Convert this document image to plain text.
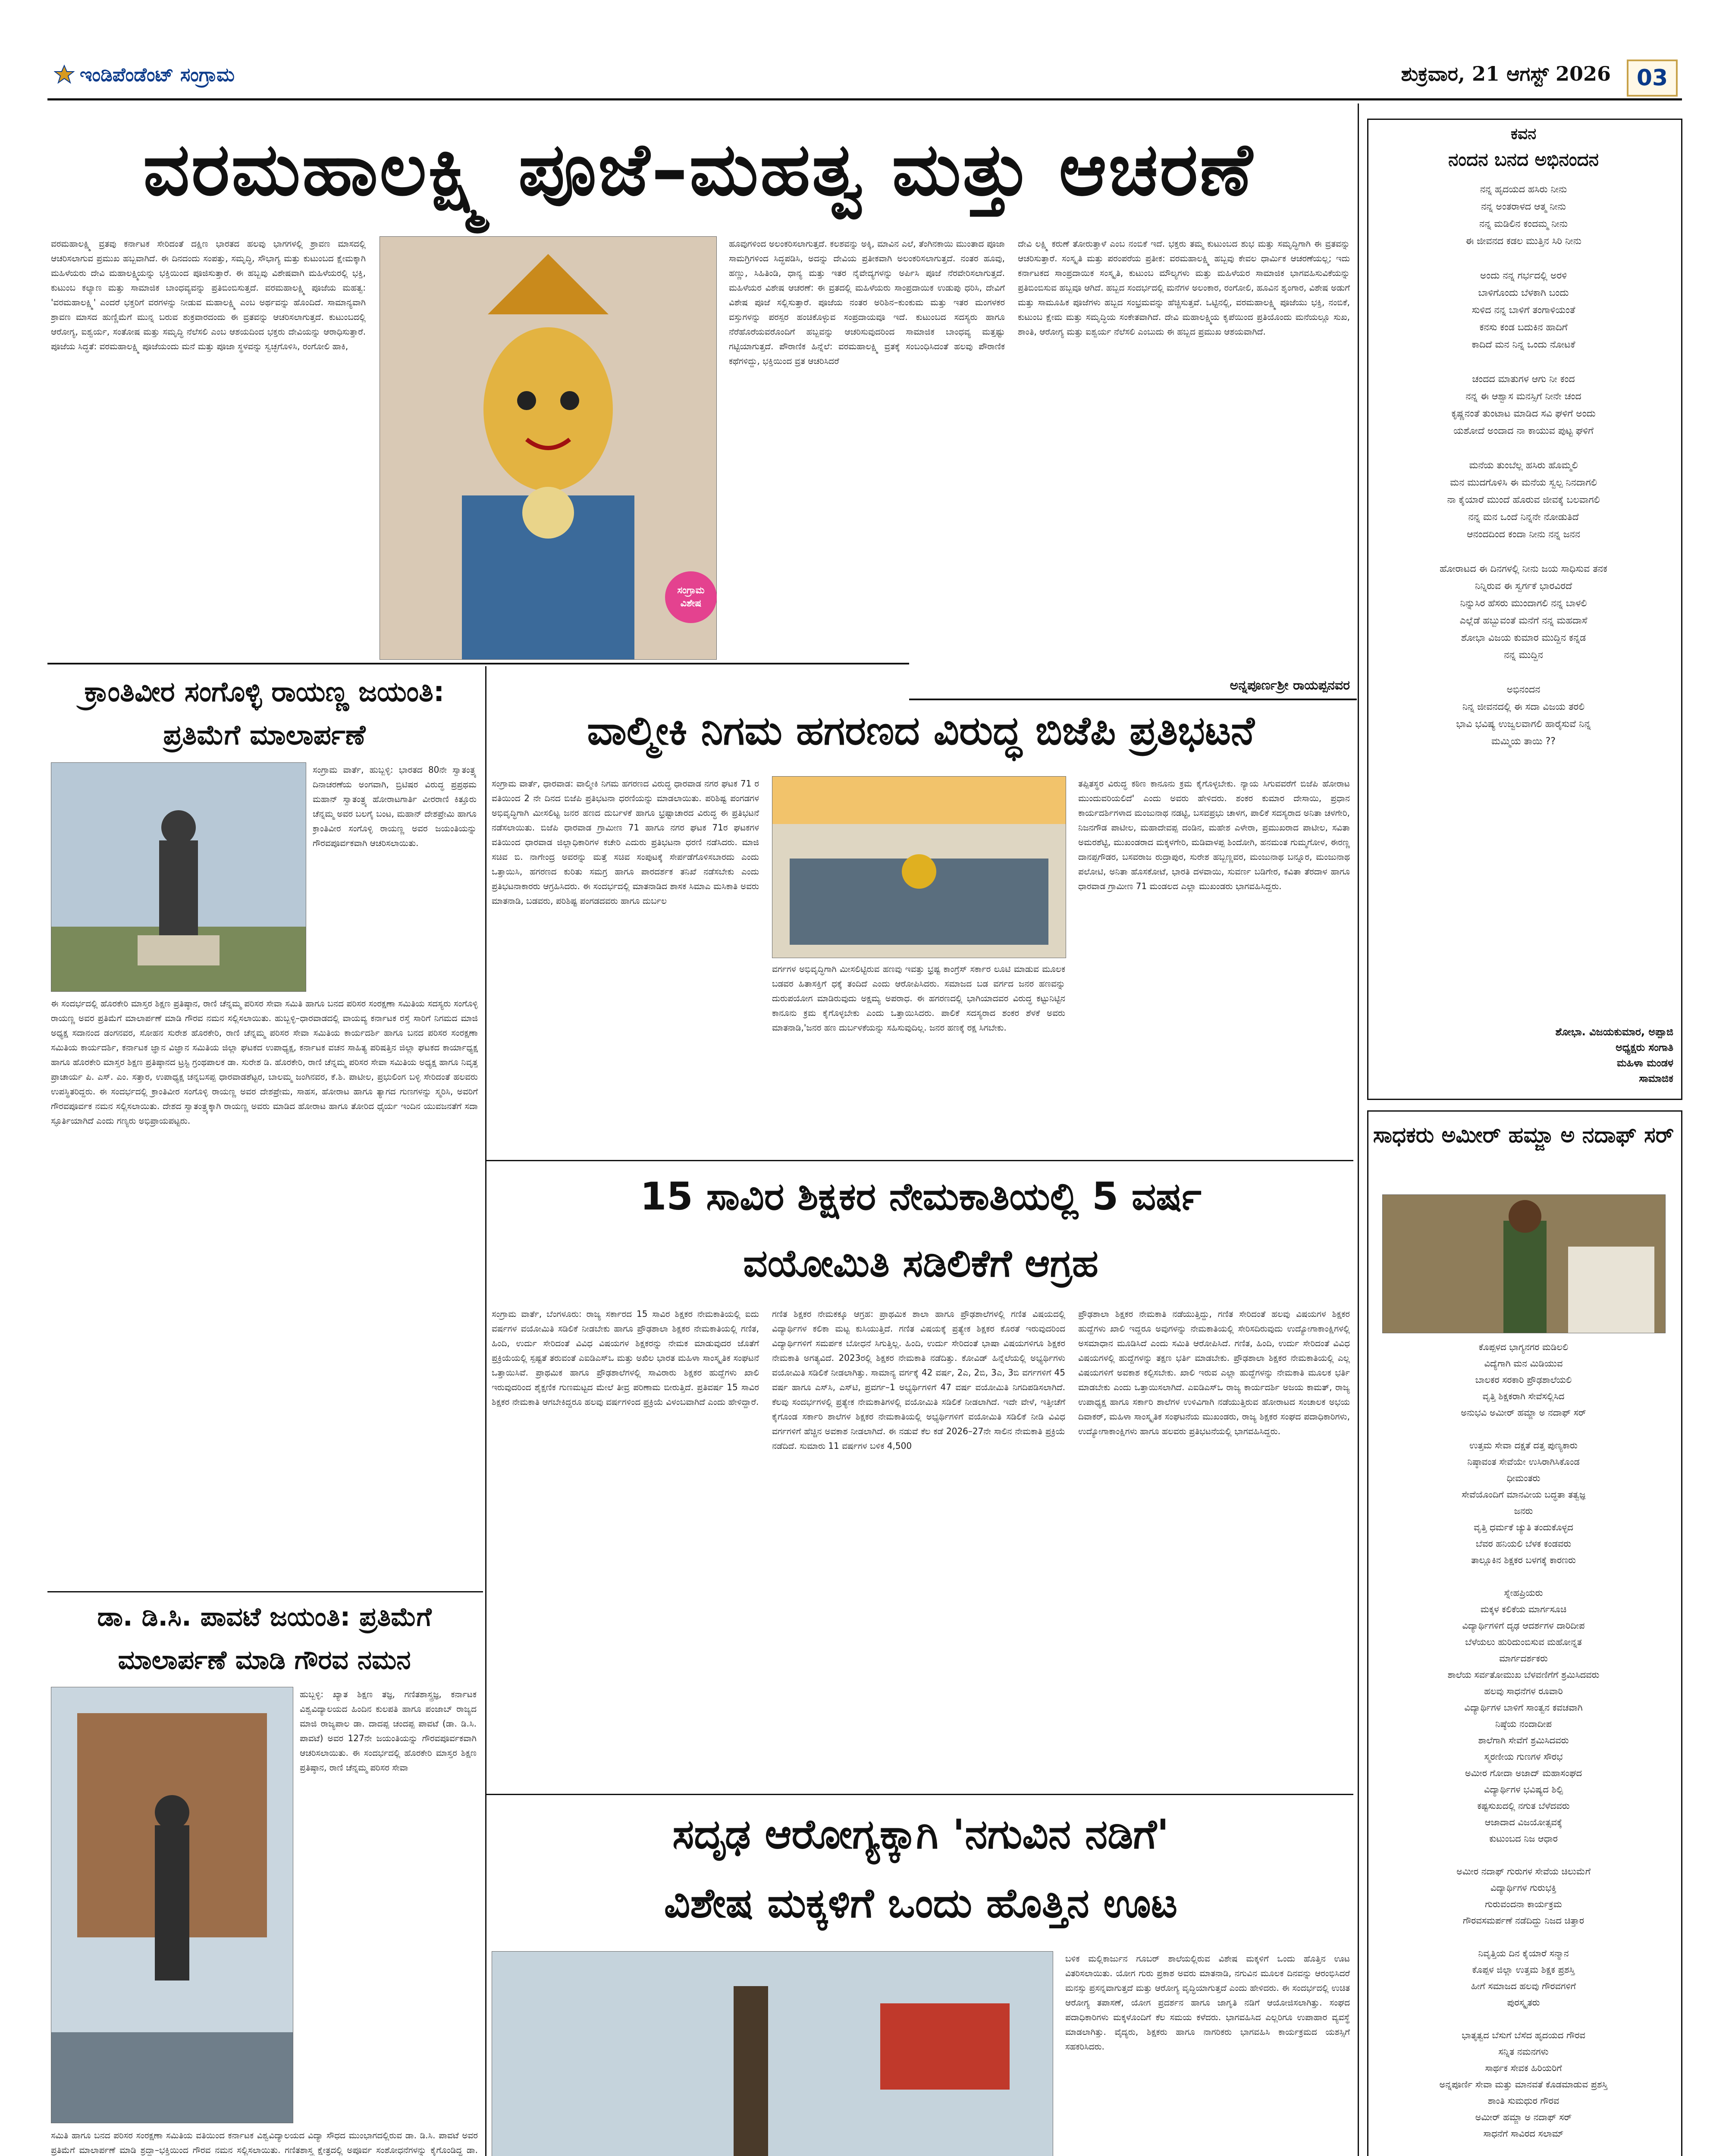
ಇಂಡಿಪೆಂಡೆಂಟ್ ಸಂಗ್ರಾಮ	ಶುಕ್ರವಾರ, 21 ಆಗಸ್ಟ್ 2026 03
ವರಮಹಾಲಕ್ಷ್ಮಿ ಪೂಜೆ–ಮಹತ್ವ ಮತ್ತು ಆಚರಣೆ
ವರಮಹಾಲಕ್ಷ್ಮಿ ವ್ರತವು ಕರ್ನಾಟಕ ಸೇರಿದಂತೆ ದಕ್ಷಿಣ ಭಾರತದ ಹಲವು ಭಾಗಗಳಲ್ಲಿ ಶ್ರಾವಣ ಮಾಸದಲ್ಲಿ ಆಚರಿಸಲಾಗುವ ಪ್ರಮುಖ ಹಬ್ಬವಾಗಿದೆ. ಈ ದಿನದಂದು ಸಂಪತ್ತು, ಸಮೃದ್ಧಿ, ಸೌಭಾಗ್ಯ ಮತ್ತು ಕುಟುಂಬದ ಕ್ಷೇಮಕ್ಕಾಗಿ ಮಹಿಳೆಯರು ದೇವಿ ಮಹಾಲಕ್ಷ್ಮಿಯನ್ನು ಭಕ್ತಿಯಿಂದ ಪೂಜಿಸುತ್ತಾರೆ. ಈ ಹಬ್ಬವು ವಿಶೇಷವಾಗಿ ಮಹಿಳೆಯರಲ್ಲಿ ಭಕ್ತಿ, ಕುಟುಂಬ ಕಲ್ಯಾಣ ಮತ್ತು ಸಾಮಾಜಿಕ ಬಾಂಧವ್ಯವನ್ನು ಪ್ರತಿಬಿಂಬಿಸುತ್ತದೆ. ವರಮಹಾಲಕ್ಷ್ಮಿ ಪೂಜೆಯ ಮಹತ್ವ: 'ವರಮಹಾಲಕ್ಷ್ಮಿ' ಎಂದರೆ ಭಕ್ತರಿಗೆ ವರಗಳನ್ನು ನೀಡುವ ಮಹಾಲಕ್ಷ್ಮಿ ಎಂಬ ಅರ್ಥವನ್ನು ಹೊಂದಿದೆ. ಸಾಮಾನ್ಯವಾಗಿ ಶ್ರಾವಣ ಮಾಸದ ಹುಣ್ಣಿಮೆಗೆ ಮುನ್ನ ಬರುವ ಶುಕ್ರವಾರದಂದು ಈ ವ್ರತವನ್ನು ಆಚರಿಸಲಾಗುತ್ತದೆ. ಕುಟುಂಬದಲ್ಲಿ ಆರೋಗ್ಯ, ಐಶ್ವರ್ಯ, ಸಂತೋಷ ಮತ್ತು ಸಮೃದ್ಧಿ ನೆಲೆಸಲಿ ಎಂಬ ಆಶಯದಿಂದ ಭಕ್ತರು ದೇವಿಯನ್ನು ಆರಾಧಿಸುತ್ತಾರೆ. ಪೂಜೆಯ ಸಿದ್ಧತೆ: ವರಮಹಾಲಕ್ಷ್ಮಿ ಪೂಜೆಯಂದು ಮನೆ ಮತ್ತು ಪೂಜಾ ಸ್ಥಳವನ್ನು ಸ್ವಚ್ಛಗೊಳಿಸಿ, ರಂಗೋಲಿ ಹಾಕಿ,
ಸಂಗ್ರಾಮ ವಿಶೇಷ
ಹೂವುಗಳಿಂದ ಅಲಂಕರಿಸಲಾಗುತ್ತದೆ. ಕಲಶವನ್ನು ಅಕ್ಕಿ, ಮಾವಿನ ಎಲೆ, ತೆಂಗಿನಕಾಯಿ ಮುಂತಾದ ಪೂಜಾ ಸಾಮಗ್ರಿಗಳಿಂದ ಸಿದ್ಧಪಡಿಸಿ, ಅದನ್ನು ದೇವಿಯ ಪ್ರತೀಕವಾಗಿ ಅಲಂಕರಿಸಲಾಗುತ್ತದೆ. ನಂತರ ಹೂವು, ಹಣ್ಣು, ಸಿಹಿತಿಂಡಿ, ಧಾನ್ಯ ಮತ್ತು ಇತರ ನೈವೇದ್ಯಗಳನ್ನು ಅರ್ಪಿಸಿ ಪೂಜೆ ನೆರವೇರಿಸಲಾಗುತ್ತದೆ. ಮಹಿಳೆಯರ ವಿಶೇಷ ಆಚರಣೆ: ಈ ವ್ರತದಲ್ಲಿ ಮಹಿಳೆಯರು ಸಾಂಪ್ರದಾಯಿಕ ಉಡುಪು ಧರಿಸಿ, ದೇವಿಗೆ ವಿಶೇಷ ಪೂಜೆ ಸಲ್ಲಿಸುತ್ತಾರೆ. ಪೂಜೆಯ ನಂತರ ಅರಿಶಿನ–ಕುಂಕುಮ ಮತ್ತು ಇತರ ಮಂಗಳಕರ ವಸ್ತುಗಳನ್ನು ಪರಸ್ಪರ ಹಂಚಿಕೊಳ್ಳುವ ಸಂಪ್ರದಾಯವೂ ಇದೆ. ಕುಟುಂಬದ ಸದಸ್ಯರು ಹಾಗೂ ನೆರೆಹೊರೆಯವರೊಂದಿಗೆ ಹಬ್ಬವನ್ನು ಆಚರಿಸುವುದರಿಂದ ಸಾಮಾಜಿಕ ಬಾಂಧವ್ಯ ಮತ್ತಷ್ಟು ಗಟ್ಟಿಯಾಗುತ್ತದೆ. ಪೌರಾಣಿಕ ಹಿನ್ನೆಲೆ: ವರಮಹಾಲಕ್ಷ್ಮಿ ವ್ರತಕ್ಕೆ ಸಂಬಂಧಿಸಿದಂತೆ ಹಲವು ಪೌರಾಣಿಕ ಕಥೆಗಳಿದ್ದು, ಭಕ್ತಿಯಿಂದ ವ್ರತ ಆಚರಿಸಿದರೆ
ದೇವಿ ಲಕ್ಷ್ಮಿ ಕರುಣೆ ತೋರುತ್ತಾಳೆ ಎಂಬ ನಂಬಿಕೆ ಇದೆ. ಭಕ್ತರು ತಮ್ಮ ಕುಟುಂಬದ ಶುಭ ಮತ್ತು ಸಮೃದ್ಧಿಗಾಗಿ ಈ ವ್ರತವನ್ನು ಆಚರಿಸುತ್ತಾರೆ. ಸಂಸ್ಕೃತಿ ಮತ್ತು ಪರಂಪರೆಯ ಪ್ರತೀಕ: ವರಮಹಾಲಕ್ಷ್ಮಿ ಹಬ್ಬವು ಕೇವಲ ಧಾರ್ಮಿಕ ಆಚರಣೆಯಲ್ಲ; ಇದು ಕರ್ನಾಟಕದ ಸಾಂಪ್ರದಾಯಿಕ ಸಂಸ್ಕೃತಿ, ಕುಟುಂಬ ಮೌಲ್ಯಗಳು ಮತ್ತು ಮಹಿಳೆಯರ ಸಾಮಾಜಿಕ ಭಾಗವಹಿಸುವಿಕೆಯನ್ನು ಪ್ರತಿಬಿಂಬಿಸುವ ಹಬ್ಬವೂ ಆಗಿದೆ. ಹಬ್ಬದ ಸಂದರ್ಭದಲ್ಲಿ ಮನೆಗಳ ಅಲಂಕಾರ, ರಂಗೋಲಿ, ಹೂವಿನ ಶೃಂಗಾರ, ವಿಶೇಷ ಅಡುಗೆ ಮತ್ತು ಸಾಮೂಹಿಕ ಪೂಜೆಗಳು ಹಬ್ಬದ ಸಂಭ್ರಮವನ್ನು ಹೆಚ್ಚಿಸುತ್ತವೆ. ಒಟ್ಟಿನಲ್ಲಿ, ವರಮಹಾಲಕ್ಷ್ಮಿ ಪೂಜೆಯು ಭಕ್ತಿ, ನಂಬಿಕೆ, ಕುಟುಂಬ ಕ್ಷೇಮ ಮತ್ತು ಸಮೃದ್ಧಿಯ ಸಂಕೇತವಾಗಿದೆ. ದೇವಿ ಮಹಾಲಕ್ಷ್ಮಿಯ ಕೃಪೆಯಿಂದ ಪ್ರತಿಯೊಂದು ಮನೆಯಲ್ಲೂ ಸುಖ, ಶಾಂತಿ, ಆರೋಗ್ಯ ಮತ್ತು ಐಶ್ವರ್ಯ ನೆಲೆಸಲಿ ಎಂಬುದು ಈ ಹಬ್ಬದ ಪ್ರಮುಖ ಆಶಯವಾಗಿದೆ.
ಅನ್ನಪೂರ್ಣಶ್ರೀ ರಾಯಪ್ಪನವರ
ಕ್ರಾಂತಿವೀರ ಸಂಗೊಳ್ಳಿ ರಾಯಣ್ಣ ಜಯಂತಿ: ಪ್ರತಿಮೆಗೆ ಮಾಲಾರ್ಪಣೆ
ಸಂಗ್ರಾಮ ವಾರ್ತೆ, ಹುಬ್ಬಳ್ಳಿ: ಭಾರತದ 80ನೇ ಸ್ವಾತಂತ್ರ್ಯ ದಿನಾಚರಣೆಯ ಅಂಗವಾಗಿ, ಬ್ರಿಟಿಷರ ವಿರುದ್ಧ ಪ್ರಪ್ರಥಮ ಮಹಾನ್ ಸ್ವಾತಂತ್ರ್ಯ ಹೋರಾಟಗಾರ್ತಿ ವೀರರಾಣಿ ಕಿತ್ತೂರು ಚೆನ್ನಮ್ಮ ಅವರ ಬಲಗೈ ಬಂಟ, ಮಹಾನ್ ದೇಶಪ್ರೇಮಿ ಹಾಗೂ ಕ್ರಾಂತಿವೀರ ಸಂಗೊಳ್ಳಿ ರಾಯಣ್ಣ ಅವರ ಜಯಂತಿಯನ್ನು ಗೌರವಪೂರ್ವಕವಾಗಿ ಆಚರಿಸಲಾಯಿತು.
ಈ ಸಂದರ್ಭದಲ್ಲಿ ಹೊರಕೇರಿ ಮಾಸ್ತರ ಶಿಕ್ಷಣ ಪ್ರತಿಷ್ಠಾನ, ರಾಣಿ ಚೆನ್ನಮ್ಮ ಪರಿಸರ ಸೇವಾ ಸಮಿತಿ ಹಾಗೂ ಬನದ ಪರಿಸರ ಸಂರಕ್ಷಣಾ ಸಮಿತಿಯ ಸದಸ್ಯರು ಸಂಗೊಳ್ಳಿ ರಾಯಣ್ಣ ಅವರ ಪ್ರತಿಮೆಗೆ ಮಾಲಾರ್ಪಣೆ ಮಾಡಿ ಗೌರವ ನಮನ ಸಲ್ಲಿಸಲಾಯಿತು. ಹುಬ್ಬಳ್ಳಿ–ಧಾರವಾಡದಲ್ಲಿ ವಾಯವ್ಯ ಕರ್ನಾಟಕ ರಸ್ತೆ ಸಾರಿಗೆ ನಿಗಮದ ಮಾಜಿ ಅಧ್ಯಕ್ಷ ಸದಾನಂದ ಡಂಗನವರ, ಸೋಹನ ಸುರೇಶ ಹೊರಕೇರಿ, ರಾಣಿ ಚೆನ್ನಮ್ಮ ಪರಿಸರ ಸೇವಾ ಸಮಿತಿಯ ಕಾರ್ಯದರ್ಶಿ ಹಾಗೂ ಬನದ ಪರಿಸರ ಸಂರಕ್ಷಣಾ ಸಮಿತಿಯ ಕಾರ್ಯದರ್ಶಿ, ಕರ್ನಾಟಕ ಜ್ಞಾನ ವಿಜ್ಞಾನ ಸಮಿತಿಯ ಜಿಲ್ಲಾ ಘಟಕದ ಉಪಾಧ್ಯಕ್ಷ, ಕರ್ನಾಟಕ ವಚನ ಸಾಹಿತ್ಯ ಪರಿಷತ್ತಿನ ಜಿಲ್ಲಾ ಘಟಕದ ಕಾರ್ಯಾಧ್ಯಕ್ಷ ಹಾಗೂ ಹೊರಕೇರಿ ಮಾಸ್ತರ ಶಿಕ್ಷಣ ಪ್ರತಿಷ್ಠಾನದ ಟ್ರಸ್ಟಿ ಗ್ರಂಥಪಾಲಕ ಡಾ. ಸುರೇಶ ಡಿ. ಹೊರಕೇರಿ, ರಾಣಿ ಚೆನ್ನಮ್ಮ ಪರಿಸರ ಸೇವಾ ಸಮಿತಿಯ ಅಧ್ಯಕ್ಷ ಹಾಗೂ ನಿವೃತ್ತ ಪ್ರಾಚಾರ್ಯ ಪಿ. ಎಸ್. ಎಂ. ಸತ್ತಾರ, ಉಪಾಧ್ಯಕ್ಷ ಚನ್ನಬಸಪ್ಪ ಧಾರವಾಡಶೆಟ್ಟರ, ಬಾಲಮ್ಮ ಜಂಗಿನವರ, ಕೆ.ಶಿ. ಪಾಟೀಲ, ಪ್ರಭುಲಿಂಗ ಬಳ್ಳಿ ಸೇರಿದಂತೆ ಹಲವರು ಉಪಸ್ಥಿತರಿದ್ದರು. ಈ ಸಂದರ್ಭದಲ್ಲಿ ಕ್ರಾಂತಿವೀರ ಸಂಗೊಳ್ಳಿ ರಾಯಣ್ಣ ಅವರ ದೇಶಪ್ರೇಮ, ಸಾಹಸ, ಹೋರಾಟ ಹಾಗೂ ತ್ಯಾಗದ ಗುಣಗಳನ್ನು ಸ್ಮರಿಸಿ, ಅವರಿಗೆ ಗೌರವಪೂರ್ವಕ ನಮನ ಸಲ್ಲಿಸಲಾಯಿತು. ದೇಶದ ಸ್ವಾತಂತ್ರ್ಯಕ್ಕಾಗಿ ರಾಯಣ್ಣ ಅವರು ಮಾಡಿದ ಹೋರಾಟ ಹಾಗೂ ತೋರಿದ ಧೈರ್ಯ ಇಂದಿನ ಯುವಜನತೆಗೆ ಸದಾ ಸ್ಫೂರ್ತಿಯಾಗಿದೆ ಎಂದು ಗಣ್ಯರು ಅಭಿಪ್ರಾಯಪಟ್ಟರು.
ಡಾ. ಡಿ.ಸಿ. ಪಾವಟೆ ಜಯಂತಿ: ಪ್ರತಿಮೆಗೆ ಮಾಲಾರ್ಪಣೆ ಮಾಡಿ ಗೌರವ ನಮನ
ಹುಬ್ಬಳ್ಳಿ: ಖ್ಯಾತ ಶಿಕ್ಷಣ ತಜ್ಞ, ಗಣಿತಶಾಸ್ತ್ರಜ್ಞ, ಕರ್ನಾಟಕ ವಿಶ್ವವಿದ್ಯಾಲಯದ ಹಿಂದಿನ ಕುಲಪತಿ ಹಾಗೂ ಪಂಜಾಬ್ ರಾಜ್ಯದ ಮಾಜಿ ರಾಜ್ಯಪಾಲ ಡಾ. ದಾದಪ್ಪ ಚಂದಪ್ಪ ಪಾವಟೆ (ಡಾ. ಡಿ.ಸಿ. ಪಾವಟೆ) ಅವರ 127ನೇ ಜಯಂತಿಯನ್ನು ಗೌರವಪೂರ್ವಕವಾಗಿ ಆಚರಿಸಲಾಯಿತು. ಈ ಸಂದರ್ಭದಲ್ಲಿ ಹೊರಕೇರಿ ಮಾಸ್ತರ ಶಿಕ್ಷಣ ಪ್ರತಿಷ್ಠಾನ, ರಾಣಿ ಚೆನ್ನಮ್ಮ ಪರಿಸರ ಸೇವಾ
ಸಮಿತಿ ಹಾಗೂ ಬನದ ಪರಿಸರ ಸಂರಕ್ಷಣಾ ಸಮಿತಿಯ ವತಿಯಿಂದ ಕರ್ನಾಟಕ ವಿಶ್ವವಿದ್ಯಾಲಯದ ವಿದ್ಯಾ ಸೌಧದ ಮುಂಭಾಗದಲ್ಲಿರುವ ಡಾ. ಡಿ.ಸಿ. ಪಾವಟೆ ಅವರ ಪ್ರತಿಮೆಗೆ ಮಾಲಾರ್ಪಣೆ ಮಾಡಿ ಶ್ರದ್ಧಾ–ಭಕ್ತಿಯಿಂದ ಗೌರವ ನಮನ ಸಲ್ಲಿಸಲಾಯಿತು. ಗಣಿತಶಾಸ್ತ್ರ ಕ್ಷೇತ್ರದಲ್ಲಿ ಅಪೂರ್ವ ಸಂಶೋಧನೆಗಳನ್ನು ಕೈಗೊಂಡಿದ್ದ ಡಾ.
ವಾಲ್ಮೀಕಿ ನಿಗಮ ಹಗರಣದ ವಿರುದ್ಧ ಬಿಜೆಪಿ ಪ್ರತಿಭಟನೆ
ಸಂಗ್ರಾಮ ವಾರ್ತೆ, ಧಾರವಾಡ: ವಾಲ್ಮೀಕಿ ನಿಗಮ ಹಗರಣದ ವಿರುದ್ಧ ಧಾರವಾಡ ನಗರ ಘಟಕ 71 ರ ವತಿಯಿಂದ 2 ನೇ ದಿನದ ಬಿಜೆಪಿ ಪ್ರತಿಭಟನಾ ಧರಣಿಯನ್ನು ಮಾಡಲಾಯಿತು. ಪರಿಶಿಷ್ಟ ಪಂಗಡಗಳ ಅಭಿವೃದ್ಧಿಗಾಗಿ ಮೀಸಲಿಟ್ಟ ಜನರ ಹಣದ ದುರ್ಬಳಕೆ ಹಾಗೂ ಭ್ರಷ್ಟಾಚಾರದ ವಿರುದ್ಧ ಈ ಪ್ರತಿಭಟನೆ ನಡೆಸಲಾಯಿತು. ಬಿಜೆಪಿ ಧಾರವಾಡ ಗ್ರಾಮೀಣ 71 ಹಾಗೂ ನಗರ ಘಟಕ 71ರ ಘಟಕಗಳ ವತಿಯಿಂದ ಧಾರವಾಡ ಜಿಲ್ಲಾಧಿಕಾರಿಗಳ ಕಚೇರಿ ಎದುರು ಪ್ರತಿಭಟನಾ ಧರಣಿ ನಡೆಸಿದರು. ಮಾಜಿ ಸಚಿವ ಬಿ. ನಾಗೇಂದ್ರ ಅವರನ್ನು ಮತ್ತೆ ಸಚಿವ ಸಂಪುಟಕ್ಕೆ ಸೇರ್ಪಡೆಗೊಳಿಸಬಾರದು ಎಂದು ಒತ್ತಾಯಿಸಿ, ಹಗರಣದ ಕುರಿತು ಸಮಗ್ರ ಹಾಗೂ ಪಾರದರ್ಶಕ ತನಿಖೆ ನಡೆಸಬೇಕು ಎಂದು ಪ್ರತಿಭಟನಾಕಾರರು ಆಗ್ರಹಿಸಿದರು. ಈ ಸಂದರ್ಭದಲ್ಲಿ ಮಾತನಾಡಿದ ಶಾಸಕ ಸಿಮಾಎ ಮಸಿಕಾತಿ ಅವರು ಮಾತನಾಡಿ, ಬಡವರು, ಪರಿಶಿಷ್ಟ ಪಂಗಡದವರು ಹಾಗೂ ದುರ್ಬಲ
ವರ್ಗಗಳ ಅಭಿವೃದ್ಧಿಗಾಗಿ ಮೀಸಲಿಟ್ಟಿರುವ ಹಣವು ಇವತ್ತು ಭ್ರಷ್ಟ ಕಾಂಗ್ರೆಸ್ ಸರ್ಕಾರ ಲೂಟಿ ಮಾಡುವ ಮೂಲಕ ಬಡವರ ಹಿತಾಸಕ್ತಿಗೆ ಧಕ್ಕೆ ತಂದಿದೆ ಎಂದು ಆರೋಪಿಸಿದರು. ಸಮಾಜದ ಬಡ ವರ್ಗದ ಜನರ ಹಣವನ್ನು ದುರುಪಯೋಗ ಮಾಡಿರುವುದು ಅಕ್ಷಮ್ಯ ಅಪರಾಧ. ಈ ಹಗರಣದಲ್ಲಿ ಭಾಗಿಯಾದವರ ವಿರುದ್ಧ ಕಟ್ಟುನಿಟ್ಟಿನ ಕಾನೂನು ಕ್ರಮ ಕೈಗೊಳ್ಳಬೇಕು ಎಂದು ಒತ್ತಾಯಿಸಿದರು. ಪಾಲಿಕೆ ಸದಸ್ಯರಾದ ಶಂಕರ ಶೆಳಕೆ ಅವರು ಮಾತನಾಡಿ,'ಜನರ ಹಣ ದುರ್ಬಳಕೆಯನ್ನು ಸಹಿಸುವುದಿಲ್ಲ. ಜನರ ಹಣಕ್ಕೆ ರಕ್ಷ ಸಿಗಬೇಕು.
ತಪ್ಪಿತಸ್ಥರ ವಿರುದ್ಧ ಕಠಿಣ ಕಾನೂನು ಕ್ರಮ ಕೈಗೊಳ್ಳಬೇಕು. ನ್ಯಾಯ ಸಿಗುವವರೆಗೆ ಬಿಜೆಪಿ ಹೋರಾಟ ಮುಂದುವರಿಯಲಿದೆ' ಎಂದು ಅವರು ಹೇಳಿದರು. ಶಂಕರ ಕುಮಾರ ದೇಸಾಯಿ, ಪ್ರಧಾನ ಕಾರ್ಯದರ್ಶಿಗಳಾದ ಮಂಜುನಾಥ ನಡಟ್ಟಿ, ಬಸವಪ್ರಭು ಚಾಳಗ, ಪಾಲಿಕೆ ಸದಸ್ಯರಾದ ಅನಿತಾ ಚಳಗೇರಿ, ನಿಜನಗೌಡ ಪಾಟೀಲ, ಮಹಾದೇವಪ್ಪ ದಂಡಿನ, ಮಹೇಶ ಎಳೇರಾ, ಪ್ರಮುಖರಾದ ಪಾಟೀಲ, ಸವಿತಾ ಅಮರಶೆಟ್ಟಿ, ಮುಖಂಡರಾದ ಮಕ್ಕಳಗೇರಿ, ಮಡಿವಾಳಪ್ಪ ಶಿಂದೋಗಿ, ಹನಮಂತ ಗುಮ್ಮಗೋಳ, ಈರಣ್ಣ ದಾನಪ್ಪಗೌಡರ, ಬಸವರಾಜ ರುದ್ರಾಪುರ, ಸುರೇಶ ಹಬ್ಬಣ್ಣವರ, ಮಂಜುನಾಥ ಬನ್ನೂರ, ಮಂಜುನಾಥ ಪಲೋಟಿ, ಅನಿತಾ ಹೊಸಕೋಟೆ, ಭಾರತಿ ದಳವಾಯಿ, ಸುವರ್ಣ ಬಡಿಗೇರ, ಕವಿತಾ ತೆರದಾಳ ಹಾಗೂ ಧಾರವಾಡ ಗ್ರಾಮೀಣ 71 ಮಂಡಲದ ಎಲ್ಲಾ ಮುಖಂಡರು ಭಾಗವಹಿಸಿದ್ದರು.
15 ಸಾವಿರ ಶಿಕ್ಷಕರ ನೇಮಕಾತಿಯಲ್ಲಿ 5 ವರ್ಷ
ವಯೋಮಿತಿ ಸಡಿಲಿಕೆಗೆ ಆಗ್ರಹ
ಸಂಗ್ರಾಮ ವಾರ್ತೆ, ಬೆಂಗಳೂರು: ರಾಜ್ಯ ಸರ್ಕಾರದ 15 ಸಾವಿರ ಶಿಕ್ಷಕರ ನೇಮಕಾತಿಯಲ್ಲಿ ಐದು ವರ್ಷಗಳ ವಯೋಮಿತಿ ಸಡಿಲಿಕೆ ನೀಡಬೇಕು ಹಾಗೂ ಪ್ರೌಢಶಾಲಾ ಶಿಕ್ಷಕರ ನೇಮಕಾತಿಯಲ್ಲಿ ಗಣಿತ, ಹಿಂದಿ, ಉರ್ದು ಸೇರಿದಂತೆ ವಿವಿಧ ವಿಷಯಗಳ ಶಿಕ್ಷಕರನ್ನು ನೇಮಕ ಮಾಡುವುದರ ಜೊತೆಗೆ ಪ್ರಕ್ರಿಯೆಯಲ್ಲಿ ಸ್ಪಷ್ಟತೆ ತರುವಂತೆ ಎಐಡಿಎಸ್‌ಒ ಮತ್ತು ಅಖಿಲ ಭಾರತ ಮಹಿಳಾ ಸಾಂಸ್ಕೃತಿಕ ಸಂಘಟನೆ ಒತ್ತಾಯಿಸಿವೆ. ಪ್ರಾಥಮಿಕ ಹಾಗೂ ಪ್ರೌಢಶಾಲೆಗಳಲ್ಲಿ ಸಾವಿರಾರು ಶಿಕ್ಷಕರ ಹುದ್ದೆಗಳು ಖಾಲಿ ಇರುವುದರಿಂದ ಶೈಕ್ಷಣಿಕ ಗುಣಮಟ್ಟದ ಮೇಲೆ ತೀವ್ರ ಪರಿಣಾಮ ಬೀರುತ್ತಿದೆ. ಪ್ರತಿವರ್ಷ 15 ಸಾವಿರ ಶಿಕ್ಷಕರ ನೇಮಕಾತಿ ಆಗಬೇಕಿದ್ದರೂ ಹಲವು ವರ್ಷಗಳಿಂದ ಪ್ರಕ್ರಿಯೆ ವಿಳಂಬವಾಗಿದೆ ಎಂದು ಹೇಳಿದ್ದಾರೆ.
ಗಣಿತ ಶಿಕ್ಷಕರ ನೇಮಕಕ್ಕೂ ಆಗ್ರಹ: ಪ್ರಾಥಮಿಕ ಶಾಲಾ ಹಾಗೂ ಪ್ರೌಢಶಾಲೆಗಳಲ್ಲಿ ಗಣಿತ ವಿಷಯದಲ್ಲಿ ವಿದ್ಯಾರ್ಥಿಗಳ ಕಲಿಕಾ ಮಟ್ಟ ಕುಸಿಯುತ್ತಿದೆ. ಗಣಿತ ವಿಷಯಕ್ಕೆ ಪ್ರತ್ಯೇಕ ಶಿಕ್ಷಕರ ಕೊರತೆ ಇರುವುದರಿಂದ ವಿದ್ಯಾರ್ಥಿಗಳಿಗೆ ಸಮರ್ಪಕ ಬೋಧನೆ ಸಿಗುತ್ತಿಲ್ಲ. ಹಿಂದಿ, ಉರ್ದು ಸೇರಿದಂತೆ ಭಾಷಾ ವಿಷಯಗಳಿಗೂ ಶಿಕ್ಷಕರ ನೇಮಕಾತಿ ಅಗತ್ಯವಿದೆ. 2023ರಲ್ಲಿ ಶಿಕ್ಷಕರ ನೇಮಕಾತಿ ನಡೆದಿತ್ತು. ಕೋವಿಡ್ ಹಿನ್ನೆಲೆಯಲ್ಲಿ ಅಭ್ಯರ್ಥಿಗಳು ವಯೋಮಿತಿ ಸಡಿಲಿಕೆ ನೀಡಲಾಗಿತ್ತು. ಸಾಮಾನ್ಯ ವರ್ಗಕ್ಕೆ 42 ವರ್ಷ, 2ಎ, 2ಬಿ, 3ಎ, 3ಬಿ ವರ್ಗಗಳಿಗೆ 45 ವರ್ಷ ಹಾಗೂ ಎಸ್‌ಸಿ, ಎಸ್‌ಟಿ, ಪ್ರವರ್ಗ–1 ಅಭ್ಯರ್ಥಿಗಳಿಗೆ 47 ವರ್ಷ ವಯೋಮಿತಿ ನಿಗದಿಪಡಿಸಲಾಗಿದೆ. ಕೆಲವು ಸಂದರ್ಭಗಳಲ್ಲಿ ಪ್ರತ್ಯೇಕ ನೇಮಕಾತಿಗಳಲ್ಲಿ ವಯೋಮಿತಿ ಸಡಿಲಿಕೆ ನೀಡಲಾಗಿದೆ. ಇದೇ ವೇಳೆ, ಇತ್ತೀಚೆಗೆ ಕೈಗೊಂಡ ಸರ್ಕಾರಿ ಶಾಲೆಗಳ ಶಿಕ್ಷಕರ ನೇಮಕಾತಿಯಲ್ಲಿ ಅಭ್ಯರ್ಥಿಗಳಿಗೆ ವಯೋಮಿತಿ ಸಡಿಲಿಕೆ ನೀಡಿ ವಿವಿಧ ವರ್ಗಗಳಿಗೆ ಹೆಚ್ಚಿನ ಅವಕಾಶ ನೀಡಲಾಗಿದೆ. ಈ ನಡುವೆ ಕೆಲ ಕಡೆ 2026–27ನೇ ಸಾಲಿನ ನೇಮಕಾತಿ ಪ್ರಕ್ರಿಯೆ ನಡೆದಿದೆ. ಸುಮಾರು 11 ವರ್ಷಗಳ ಬಳಿಕ 4,500
ಪ್ರೌಢಶಾಲಾ ಶಿಕ್ಷಕರ ನೇಮಕಾತಿ ನಡೆಯುತ್ತಿದ್ದು, ಗಣಿತ ಸೇರಿದಂತೆ ಹಲವು ವಿಷಯಗಳ ಶಿಕ್ಷಕರ ಹುದ್ದೆಗಳು ಖಾಲಿ ಇದ್ದರೂ ಅವುಗಳನ್ನು ನೇಮಕಾತಿಯಲ್ಲಿ ಸೇರಿಸದಿರುವುದು ಉದ್ಯೋಗಾಕಾಂಕ್ಷಿಗಳಲ್ಲಿ ಅಸಮಾಧಾನ ಮೂಡಿಸಿದೆ ಎಂದು ಸಮಿತಿ ಆರೋಪಿಸಿದೆ. ಗಣಿತ, ಹಿಂದಿ, ಉರ್ದು ಸೇರಿದಂತೆ ವಿವಿಧ ವಿಷಯಗಳಲ್ಲಿ ಹುದ್ದೆಗಳನ್ನು ತಕ್ಷಣ ಭರ್ತಿ ಮಾಡಬೇಕು. ಪ್ರೌಢಶಾಲಾ ಶಿಕ್ಷಕರ ನೇಮಕಾತಿಯಲ್ಲಿ ಎಲ್ಲ ವಿಷಯಗಳಿಗೆ ಅವಕಾಶ ಕಲ್ಪಿಸಬೇಕು. ಖಾಲಿ ಇರುವ ಎಲ್ಲಾ ಹುದ್ದೆಗಳನ್ನು ನೇಮಕಾತಿ ಮೂಲಕ ಭರ್ತಿ ಮಾಡಬೇಕು ಎಂದು ಒತ್ತಾಯಿಸಲಾಗಿದೆ. ಎಐಡಿಎಸ್‌ಒ ರಾಜ್ಯ ಕಾರ್ಯದರ್ಶಿ ಅಜಯ ಕಾಮತ್, ರಾಜ್ಯ ಉಪಾಧ್ಯಕ್ಷ ಹಾಗೂ ಸರ್ಕಾರಿ ಶಾಲೆಗಳ ಉಳಿವಿಗಾಗಿ ನಡೆಯುತ್ತಿರುವ ಹೋರಾಟದ ಸಂಚಾಲಕ ಅಭಯ ದಿವಾಕರ್, ಮಹಿಳಾ ಸಾಂಸ್ಕೃತಿಕ ಸಂಘಟನೆಯ ಮುಖಂಡರು, ರಾಜ್ಯ ಶಿಕ್ಷಕರ ಸಂಘದ ಪದಾಧಿಕಾರಿಗಳು, ಉದ್ಯೋಗಾಕಾಂಕ್ಷಿಗಳು ಹಾಗೂ ಹಲವರು ಪ್ರತಿಭಟನೆಯಲ್ಲಿ ಭಾಗವಹಿಸಿದ್ದರು.
ಸದೃಢ ಆರೋಗ್ಯಕ್ಕಾಗಿ 'ನಗುವಿನ ನಡಿಗೆ'
ವಿಶೇಷ ಮಕ್ಕಳಿಗೆ ಒಂದು ಹೊತ್ತಿನ ಊಟ
ಬಳಿಕ ಮಲ್ಲಿಕಾರ್ಜುನ ಗೂಬರ್ ಶಾಲೆಯಲ್ಲಿರುವ ವಿಶೇಷ ಮಕ್ಕಳಿಗೆ ಒಂದು ಹೊತ್ತಿನ ಊಟ ವಿತರಿಸಲಾಯಿತು. ಯೋಗ ಗುರು ಪ್ರಕಾಶ ಅವರು ಮಾತನಾಡಿ, ನಗುವಿನ ಮೂಲಕ ದಿನವನ್ನು ಆರಂಭಿಸಿದರೆ ಮನಸ್ಸು ಪ್ರಸನ್ನವಾಗುತ್ತದೆ ಮತ್ತು ಆರೋಗ್ಯ ವೃದ್ಧಿಯಾಗುತ್ತದೆ ಎಂದು ಹೇಳಿದರು. ಈ ಸಂದರ್ಭದಲ್ಲಿ ಉಚಿತ ಆರೋಗ್ಯ ತಪಾಸಣೆ, ಯೋಗ ಪ್ರದರ್ಶನ ಹಾಗೂ ಜಾಗೃತಿ ನಡಿಗೆ ಆಯೋಜಿಸಲಾಗಿತ್ತು. ಸಂಘದ ಪದಾಧಿಕಾರಿಗಳು ಮಕ್ಕಳೊಂದಿಗೆ ಕೆಲ ಸಮಯ ಕಳೆದರು. ಭಾಗವಹಿಸಿದ ಎಲ್ಲರಿಗೂ ಉಪಾಹಾರ ವ್ಯವಸ್ಥೆ ಮಾಡಲಾಗಿತ್ತು. ವೈದ್ಯರು, ಶಿಕ್ಷಕರು ಹಾಗೂ ನಾಗರಿಕರು ಭಾಗವಹಿಸಿ ಕಾರ್ಯಕ್ರಮದ ಯಶಸ್ಸಿಗೆ ಸಹಕರಿಸಿದರು.
ಕವನ
ನಂದನ ಬನದ ಅಭಿನಂದನ
ನನ್ನ ಹೃದಯದ ಹಸಿರು ನೀನು
ನನ್ನ ಅಂತರಾಳದ ಆತ್ಮ ನೀನು
ನನ್ನ ಮಡಿಲಿನ ಕಂದಮ್ಮ ನೀನು
ಈ ಜೀವನದ ಕಡಲ ಮುತ್ತಿನ ಸಿರಿ ನೀನು

ಅಂದು ನನ್ನ ಗರ್ಭದಲ್ಲಿ ಅರಳಿ
ಬಾಳಿಗೊಂದು ಬೆಳಕಾಗಿ ಬಂದು
ಸುಳಿದ ನನ್ನ ಬಾಳಿಗೆ ತಂಗಾಳಿಯಂತೆ
ಕನಸು ಕಂಡ ಬದುಕಿನ ಹಾದಿಗೆ
ಕಾದಿದೆ ಮನ ನಿನ್ನ ಒಂದು ನೋಟಕೆ

ಚಂದದ ಮಾತುಗಳ ಆಗು ನೀ ಕಂದ
ನನ್ನ ಈ ಆಶ್ವಾಸ ಮನಸ್ಸಿಗೆ ನೀನೇ ಚಂದ
ಕೃಷ್ಣನಂತೆ ತುಂಟಾಟ ಮಾಡಿದ ಸವಿ ಘಳಿಗೆ ಅಂದು
ಯಶೋದೆ ಅಂದಾದ ನಾ ಕಾಯುವ ಪುಟ್ಟ ಘಳಿಗೆ

ಮನೆಯ ತುಂಬೆಲ್ಲ ಹಸಿರು ಹೊಮ್ಮಲಿ
ಮನ ಮುದಗೊಳಿಸಿ ಈ ಮನೆಯ ಸ್ವಲ್ಪ ನಿನದಾಗಲಿ
ನಾ ಕೈಯಾರೆ ಮುಂದೆ ಹೊರುವ ಜೀವಕ್ಕೆ ಬಲವಾಗಲಿ
ನನ್ನ ಮನ ಒಂದೆ ನಿನ್ನನೇ ನೋಡುತಿದೆ
ಆನಂದದಿಂದ ಕಂದಾ ನೀನು ನನ್ನ ಜನನ

ಹೋರಾಟದ ಈ ದಿನಗಳಲ್ಲಿ ನೀನು ಜಯ ಸಾಧಿಸುವ ತನಕ
ನಿನ್ನಿರುವ ಈ ಸ್ವರ್ಗಕೆ ಭಾರವಿರದೆ
ನಿನ್ನುಸಿರ ಹೆಸರು ಮುಂದಾಗಲಿ ನನ್ನ ಬಾಳಲಿ
ಎಲ್ಲೆಡೆ ಹಬ್ಬುವಂತೆ ಮನೆಗೆ ನನ್ನ ಮಹದಾಸೆ
ಶೋಭಾ ವಿಜಯ ಕುಮಾರ ಮುದ್ದಿನ ಕನ್ನಡ
ನನ್ನ ಮುದ್ದಿನ

ಅಭಿನಂದನ
ನಿನ್ನ ಜೀವನದಲ್ಲಿ ಈ ಸದಾ ವಿಜಯ ತರಲಿ
ಭಾವಿ ಭವಿಷ್ಯ ಉಜ್ವಲವಾಗಲಿ ಹಾರೈಸುವೆ ನಿನ್ನ
ಮಮ್ಮಿಯ ತಾಯಿ ??
ಶೋಭಾ. ವಿಜಯಕುಮಾರ, ಅಪ್ಪಾಜಿ
ಅಧ್ಯಕ್ಷರು ಸಂಗಾತಿ
ಮಹಿಳಾ ಮಂಡಳ
ಸಾಮಾಜಿಕ
ಸಾಧಕರು ಅಮೀರ್ ಹಮ್ಜಾ ಅ ನದಾಫ್ ಸರ್
ಕೊಪ್ಪಳದ ಭಾಗ್ಯನಗರ ಮಡಿಲಲಿ
ವಿದ್ಯೆಗಾಗಿ ಮನ ಮಿಡಿಯುವ
ಬಾಲಕರ ಸರಕಾರಿ ಪ್ರೌಢಶಾಲೆಯಲಿ
ವೃತ್ತಿ ಶಿಕ್ಷಕರಾಗಿ ಸೇವೆಸಲ್ಲಿಸಿದ
ಅನುಭವಿ ಅಮೀರ್ ಹಮ್ಜಾ ಅ ನದಾಫ್ ಸರ್

ಉತ್ತಮ ಸೇವಾ ದಕ್ಷತೆ ದತ್ತ ಪುಣ್ಯಕಾರು
ನಿಷ್ಠಾವಂತ ಸೇವೆಯೇ ಉಸಿರಾಗಿಸಿಕೊಂಡ
ಧೀಮಂತರು
ಸೇವೆಯೊಂದಿಗೆ ಮಾನವೀಯ ಬದ್ಧತಾ ತತ್ವಜ್ಞ
ಜನರು
ವೃತ್ತಿ ಧರ್ಮಕೆ ಚ್ಯುತಿ ತಂದುಕೊಳ್ಳದ
ಬೆವರ ಹನಿಯಲಿ ಬೆಳಕ ಕಂಡವರು
ತಾಲ್ಲೂಕಿನ ಶಿಕ್ಷಕರ ಬಳಗಕ್ಕೆ ಕಾರಣರು

ಸ್ನೇಹಪ್ರಿಯರು
ಮಕ್ಕಳ ಕಲಿಕೆಯ ಮಾರ್ಗಸೂಚಿ
ವಿದ್ಯಾರ್ಥಿಗಳಿಗೆ ದೃಢ ಆದರ್ಶಗಳ ದಾರಿದೀಪ
ಬೆಳೆಯಲು ಹುರಿದುಂಬಿಸುವ ಮಹೋನ್ನತ
ಮಾರ್ಗದರ್ಶಕರು
ಶಾಲೆಯ ಸರ್ವತೋಮುಖ ಬೆಳವಣಿಗೆಗೆ ಶ್ರಮಿಸಿದವರು
ಹಲವು ಸಾಧನೆಗಳ ರೂವಾರಿ
ವಿದ್ಯಾರ್ಥಿಗಳ ಬಾಳಿಗೆ ಸಾಂತ್ವನ ಕವಚವಾಗಿ
ನಿಷ್ಠೆಯ ನಂದಾದೀಪ
ಶಾಲೆಗಾಗಿ ಸೇವೆಗೆ ಶ್ರಮಿಸಿದವರು
ಸ್ಮರಣೀಯ ಗುಣಗಳ ಸೌರಭ
ಅಮೀರ ಗೋದಾ ಅಜಾದ್ ಮಹಾಸಂಘದ
ವಿದ್ಯಾರ್ಥಿಗಳ ಭವಿಷ್ಯದ ಶಿಲ್ಪಿ
ಕಷ್ಟಸುಖದಲ್ಲಿ ನಗುತ ಬೆಳೆದವರು
ಆಜಾದಾದ ವಿಜಯೋತ್ಸವಕ್ಕೆ
ಕುಟುಂಬದ ನಿಜ ಆಧಾರ

ಅಮೀರ ನದಾಫ್ ಗುರುಗಳ ಸೇವೆಯ ಚಿಲುಮೆಗೆ
ವಿದ್ಯಾರ್ಥಿಗಳ ಗುರುಭಕ್ತಿ
ಗುರುವಂದನಾ ಕಾರ್ಯಕ್ರಮ
ಗೌರವಸಮರ್ಪಣೆ ನಡೆದಿದ್ದು ನಿಜದ ಚಿತ್ತಾರ

ನಿವೃತ್ತಿಯ ದಿನ ಕೈಯಾರೆ ಸನ್ಮಾನ
ಕೊಪ್ಪಳ ಜಿಲ್ಲಾ ಉತ್ತಮ ಶಿಕ್ಷಕ ಪ್ರಶಸ್ತಿ
ಹೀಗೆ ಸಮಾಜದ ಹಲವು ಗೌರವಗಳಿಗೆ
ಪುರಸ್ಕೃತರು

ಭಾತೃತ್ವದ ಬೆಸುಗೆ ಬೆಸೆದ ಹೃದಯದ ಗೌರವ
ಸನ್ನಿತ ನಮನಗಳು
ಸಾರ್ಥಕ ಸೇವಕ ಹಿರಿಯರಿಗೆ
ಅನ್ನಪೂರ್ಣಿ ಸೇವಾ ಮತ್ತು ಮಾನವತೆ ಕೊಡಮಾಡುವ ಪ್ರಶಸ್ತಿ
ಶಾಂತಿ ಸುಮಧುರ ಗೌರವ
ಅಮೀರ್ ಹಮ್ಜಾ ಅ ನದಾಫ್ ಸರ್
ಸಾಧನೆಗೆ ಸಾವಿರದ ಸಲಾಮ್
